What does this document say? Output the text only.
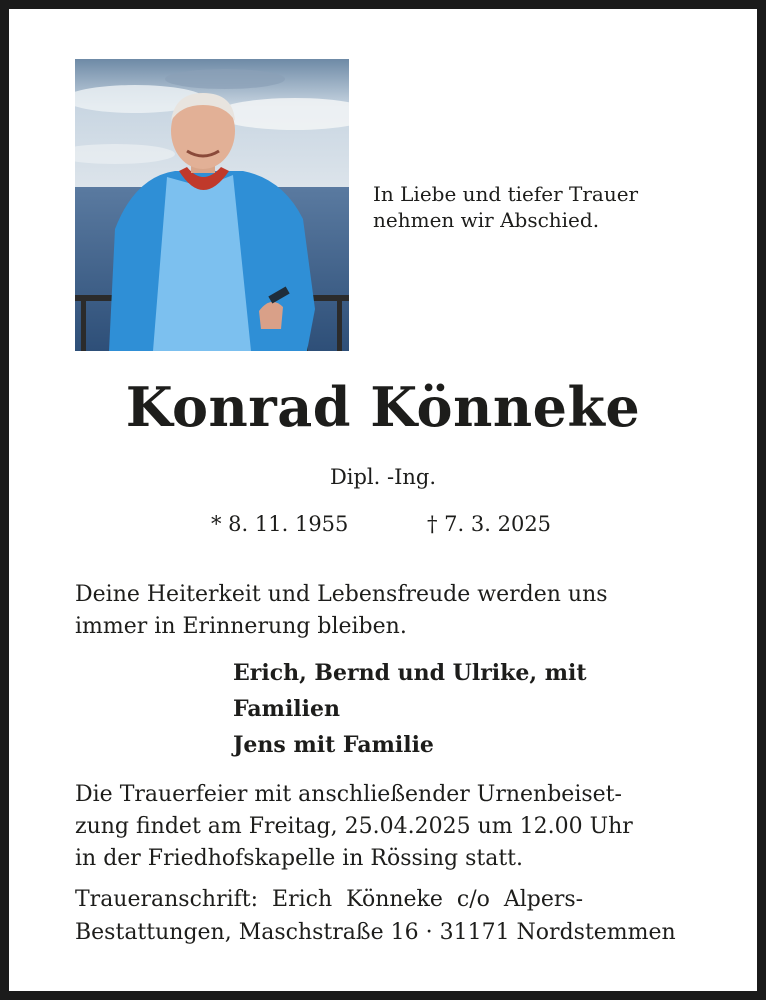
In Liebe und tiefer Trauer
nehmen wir Abschied.
Konrad Könneke
Dipl. -Ing.
* 8. 11. 1955	† 7. 3. 2025
Deine Heiterkeit und Lebensfreude werden uns
immer in Erinnerung bleiben.
Erich, Bernd und Ulrike, mit
Familien
Jens mit Familie
Die Trauerfeier mit anschließender Urnenbeiset-
zung findet am Freitag, 25.04.2025 um 12.00 Uhr
in der Friedhofskapelle in Rössing statt.
Traueranschrift:  Erich  Könneke  c/o  Alpers-
Bestattungen, Maschstraße 16 · 31171 Nordstemmen
